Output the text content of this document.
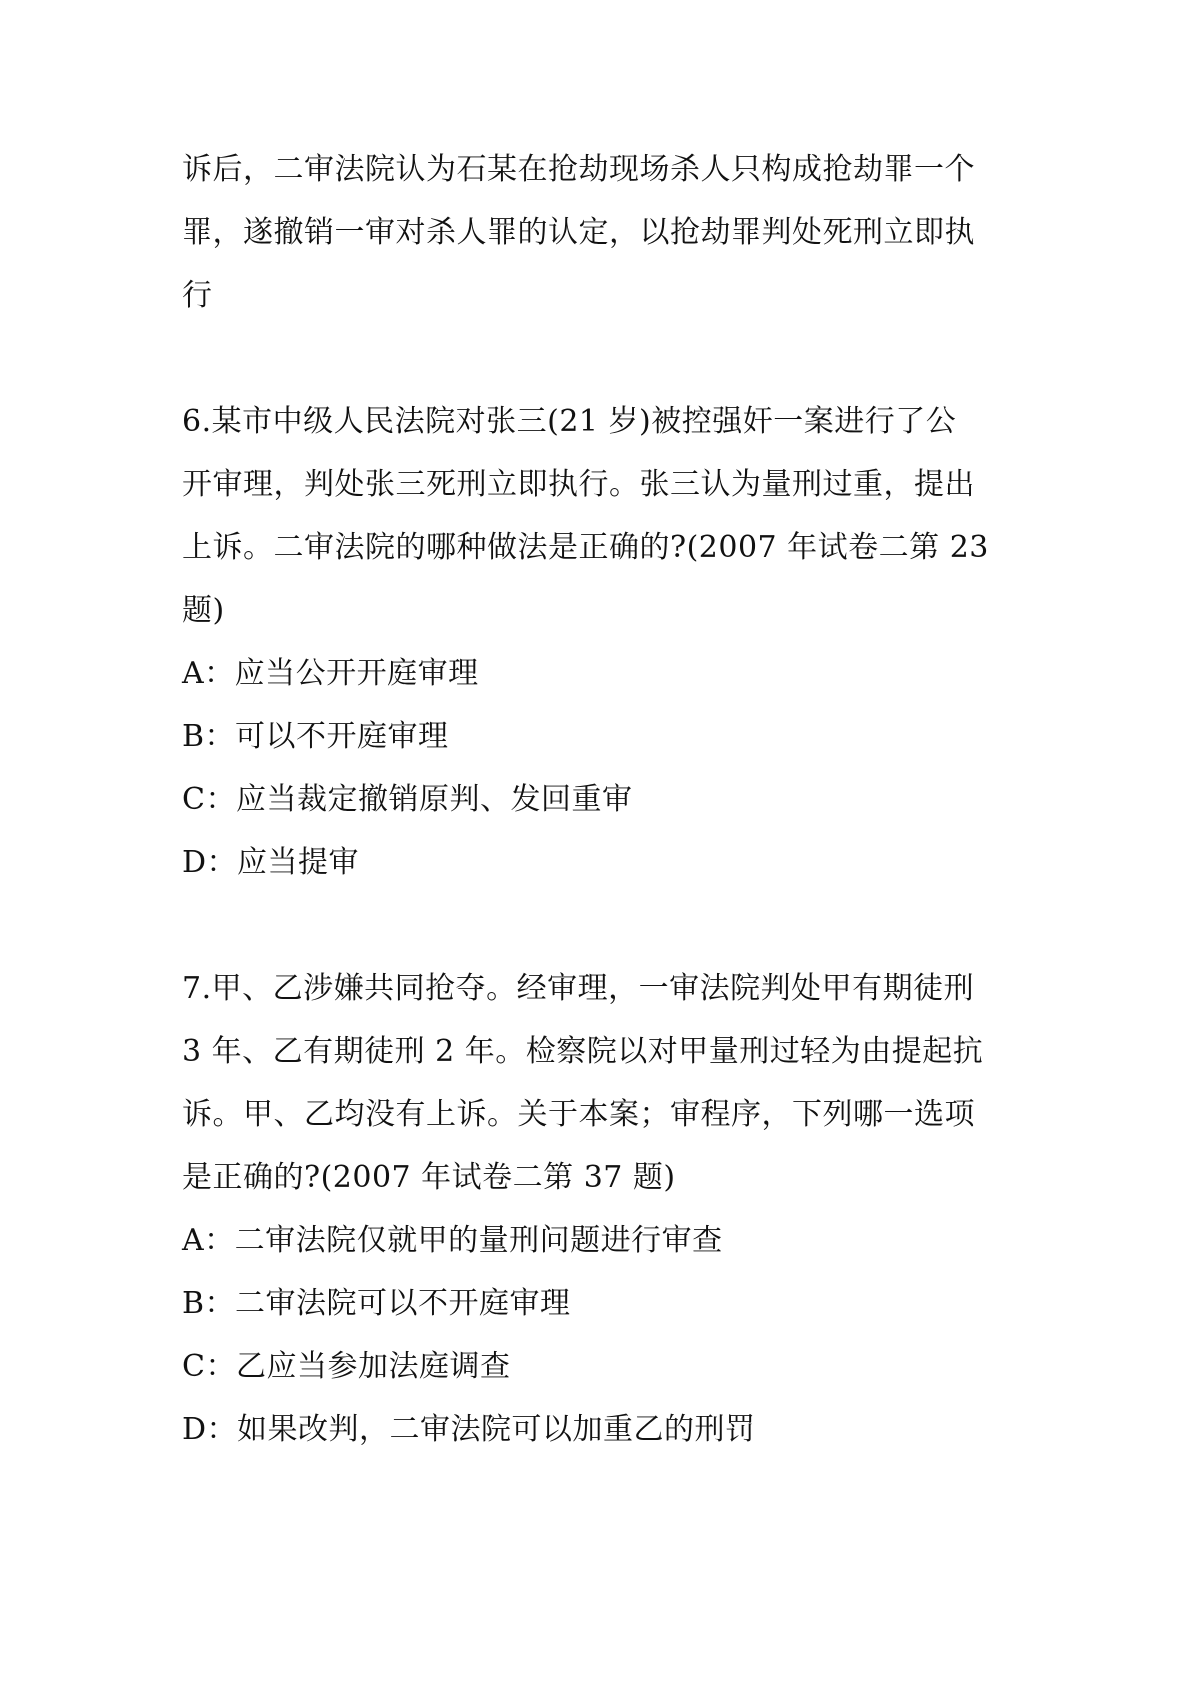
诉后，二审法院认为石某在抢劫现场杀人只构成抢劫罪一个
罪，遂撤销一审对杀人罪的认定，以抢劫罪判处死刑立即执
行
6.某市中级人民法院对张三(21 岁)被控强奸一案进行了公
开审理，判处张三死刑立即执行。张三认为量刑过重，提出
上诉。二审法院的哪种做法是正确的?(2007 年试卷二第 23
题)
A：应当公开开庭审理
B：可以不开庭审理
C：应当裁定撤销原判、发回重审
D：应当提审
7.甲、乙涉嫌共同抢夺。经审理，一审法院判处甲有期徒刑
3 年、乙有期徒刑 2 年。检察院以对甲量刑过轻为由提起抗
诉。甲、乙均没有上诉。关于本案；审程序，下列哪一选项
是正确的?(2007 年试卷二第 37 题)
A：二审法院仅就甲的量刑问题进行审查
B：二审法院可以不开庭审理
C：乙应当参加法庭调查
D：如果改判，二审法院可以加重乙的刑罚
